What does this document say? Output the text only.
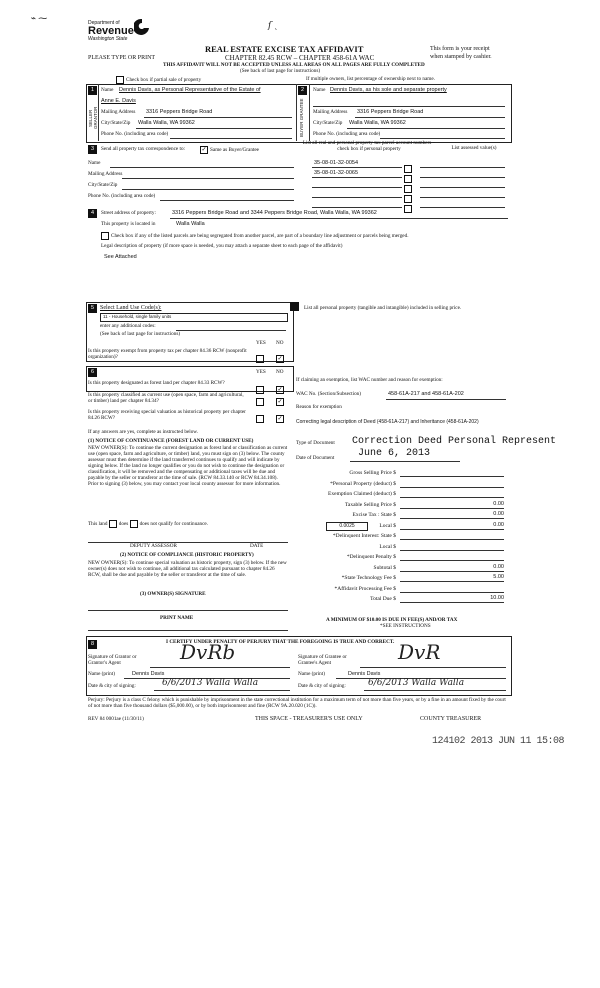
⌁ ⁓
ſ ˎ
Department of
Revenue
Washington State
PLEASE TYPE OR PRINT
REAL ESTATE EXCISE TAX AFFIDAVIT
CHAPTER 82.45 RCW – CHAPTER 458-61A WAC
THIS AFFIDAVIT WILL NOT BE ACCEPTED UNLESS ALL AREAS ON ALL PAGES ARE FULLY COMPLETED
(See back of last page for instructions)
This form is your receipt
when stamped by cashier.
Check box if partial sale of property	If multiple owners, list percentage of ownership next to name.
1
SELLER GRANTOR
Name Dennis Davis, as Personal Representative of the Estate of
Anne E. Davis
Mailing Address 3316 Peppers Bridge Road
City/State/Zip Walla Walla, WA 99362
Phone No. (including area code)
2
BUYER GRANTEE
Name Dennis Davis, as his sole and separate property
Mailing Address 3316 Peppers Bridge Road
City/State/Zip Walla Walla, WA 99362
Phone No. (including area code)
3	Send all property tax correspondence to:	✓ Same as Buyer/Grantee
List all real and personal property tax parcel account numbers – check box if personal property	List assessed value(s)
Name
Mailing Address
City/State/Zip
Phone No. (including area code)
35-08-01-32-0054
35-08-01-32-0065
4	Street address of property:	3316 Peppers Bridge Road and 3344 Peppers Bridge Road, Walla Walla, WA 99362
This property is located in	Walla Walla
Check box if any of the listed parcels are being segregated from another parcel, are part of a boundary line adjustment or parcels being merged.
Legal description of property (if more space is needed, you may attach a separate sheet to each page of the affidavit)
See Attached
5 Select Land Use Code(s):
11 - Household, single family units
enter any additional codes:
(See back of last page for instructions)
YES NO
Is this property exempt from property tax per chapter 84.36 RCW (nonprofit organization)?	✓
List all personal property (tangible and intangible) included in selling price.
6	YES NO
Is this property designated as forest land per chapter 84.33 RCW?
✓
Is this property classified as current use (open space, farm and agricultural, or timber) land per chapter 84.34?	✓
Is this property receiving special valuation as historical property per chapter 84.26 RCW?	✓
If any answers are yes, complete as instructed below.
(1) NOTICE OF CONTINUANCE (FOREST LAND OR CURRENT USE)
NEW OWNER(S): To continue the current designation as forest land or classification as current use (open space, farm and agriculture, or timber) land, you must sign on (3) below. The county assessor must then determine if the land transferred continues to qualify and will indicate by signing below. If the land no longer qualifies or you do not wish to continue the designation or classification, it will be removed and the compensating or additional taxes will be due and payable by the seller or transferor at the time of sale. (RCW 84.33.140 or RCW 84.34.108). Prior to signing (3) below, you may contact your local county assessor for more information.
This land does does not qualify for continuance.
DEPUTY ASSESSOR	DATE
(2) NOTICE OF COMPLIANCE (HISTORIC PROPERTY)
NEW OWNER(S): To continue special valuation as historic property, sign (3) below. If the new owner(s) does not wish to continue, all additional tax calculated pursuant to chapter 84.26 RCW, shall be due and payable by the seller or transferor at the time of sale.
(3) OWNER(S) SIGNATURE
PRINT NAME
If claiming an exemption, list WAC number and reason for exemption:
WAC No. (Section/Subsection)	458-61A-217 and 458-61A-202
Reason for exemption
Correcting legal description of Deed (458-61A-217) and Inheritance (458-61A-202)
Type of Document Correction Deed Personal Represent
Date of Document June 6, 2013
Gross Selling Price $
*Personal Property (deduct) $
Exemption Claimed (deduct) $
Taxable Selling Price $	0.00
Excise Tax : State $	0.00
Local $
0.0025	0.00
*Delinquent Interest: State $
Local $
*Delinquent Penalty $
Subtotal $	0.00
*State Technology Fee $	5.00
*Affidavit Processing Fee $
Total Due $	10.00
A MINIMUM OF $10.00 IS DUE IN FEE(S) AND/OR TAX
*SEE INSTRUCTIONS
8	I CERTIFY UNDER PENALTY OF PERJURY THAT THE FOREGOING IS TRUE AND CORRECT.
Signature of Grantor or Grantor's Agent	DvRb
Name (print)	Dennis Davis
Date & city of signing:	6/6/2013 Walla Walla
Signature of Grantee or Grantee's Agent	DvR
Name (print)	Dennis Davis
Date & city of signing: 6/6/2013 Walla Walla
Perjury: Perjury is a class C felony which is punishable by imprisonment in the state correctional institution for a maximum term of not more than five years, or by a fine in an amount fixed by the court of not more than five thousand dollars ($5,000.00), or by both imprisonment and fine (RCW 9A.20.020 (1C)).
REV 84 0001ae (11/30/11)	THIS SPACE - TREASURER'S USE ONLY	COUNTY TREASURER
124102 2013 JUN 11 15:08
